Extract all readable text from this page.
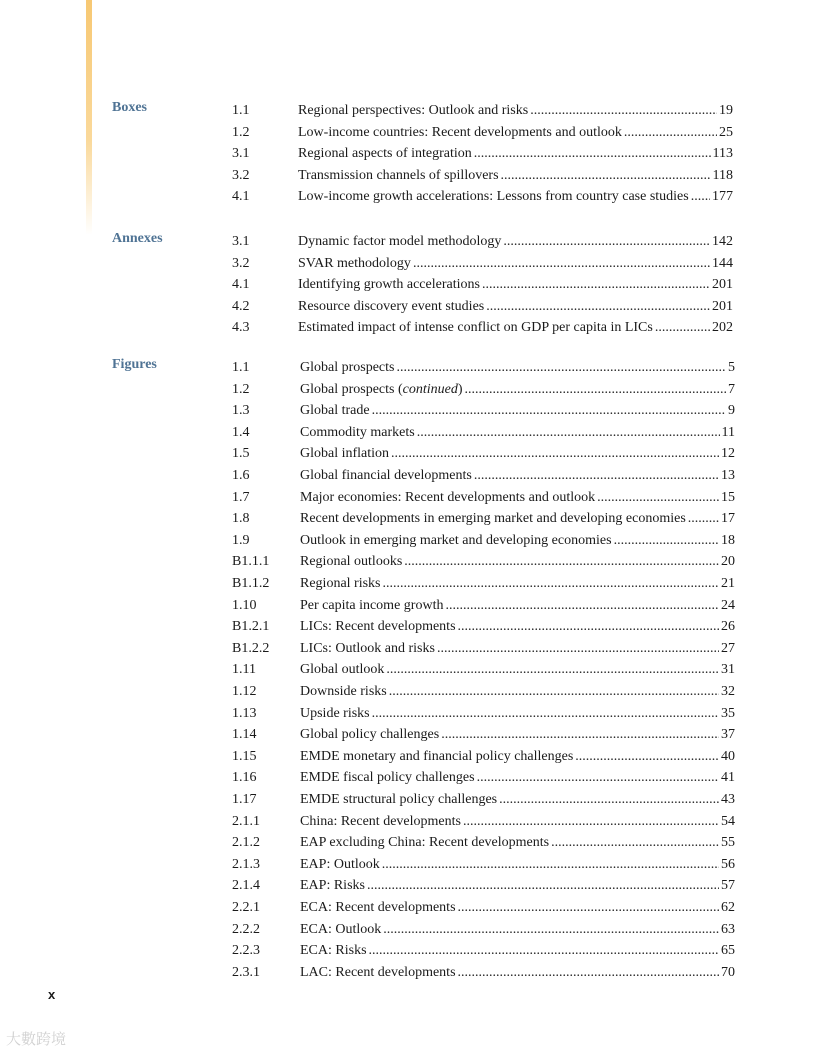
Boxes	1.1	Regional perspectives: Outlook and risks .....	19
1.2	Low-income countries: Recent developments and outlook .....	25
3.1	Regional aspects of integration .....	113
3.2	Transmission channels of spillovers .....	118
4.1	Low-income growth accelerations: Lessons from country case studies ..... 177
Annexes	3.1	Dynamic factor model methodology .....	142
3.2	SVAR methodology .....	144
4.1	Identifying growth accelerations .....	201
4.2	Resource discovery event studies .....	201
4.3	Estimated impact of intense conflict on GDP per capita in LICs .....	202
Figures	1.1	Global prospects .....	5
1.2	Global prospects (continued) .....	7
1.3	Global trade .....	9
1.4	Commodity markets .....	11
1.5	Global inflation .....	12
1.6	Global financial developments .....	13
1.7	Major economies: Recent developments and outlook .....	15
1.8	Recent developments in emerging market and developing economies .....	17
1.9	Outlook in emerging market and developing economies .....	18
B1.1.1 Regional outlooks .....	20
B1.1.2 Regional risks .....	21
1.10	Per capita income growth .....	24
B1.2.1 LICs: Recent developments .....	26
B1.2.2 LICs: Outlook and risks .....	27
1.11	Global outlook .....	31
1.12	Downside risks .....	32
1.13	Upside risks .....	35
1.14	Global policy challenges .....	37
1.15	EMDE monetary and financial policy challenges .....	40
1.16	EMDE fiscal policy challenges .....	41
1.17	EMDE structural policy challenges .....	43
2.1.1	China: Recent developments .....	54
2.1.2	EAP excluding China: Recent developments .....	55
2.1.3	EAP: Outlook .....	56
2.1.4	EAP: Risks .....	57
2.2.1	ECA: Recent developments .....	62
2.2.2	ECA: Outlook .....	63
2.2.3	ECA: Risks .....	65
2.3.1	LAC: Recent developments .....	70
x
大數跨境
